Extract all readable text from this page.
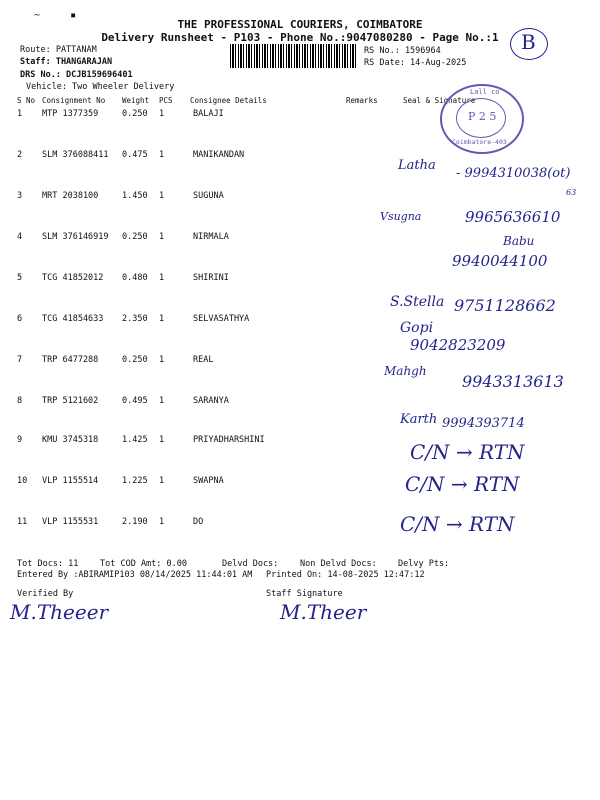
~     ▪
THE PROFESSIONAL COURIERS, COIMBATORE
Delivery Runsheet - P103 - Phone No.:9047080280 - Page No.:1	B
Route: PATTANAM
Staff: THANGARAJAN
DRS No.: DCJB159696401
Vehicle: Two Wheeler Delivery
RS No.: 1596964
RS Date: 14-Aug-2025
S No Consignment No Weight PCS Consignee Details	Remarks	Seal & Signature
1 MTP 1377359	0.250 1	BALAJI
2 SLM 376088411 0.475 1	MANIKANDAN
3 MRT 2038100	1.450 1	SUGUNA
4 SLM 376146919 0.250 1	NIRMALA
5 TCG 41852012 0.480 1	SHIRINI
6 TCG 41854633 2.350 1	SELVASATHYA
7 TRP 6477288	0.250 1	REAL
8 TRP 5121602	0.495 1	SARANYA
9 KMU 3745318	1.425 1	PRIYADHARSHINI
10 VLP 1155514	1.225 1	SWAPNA
11 VLP 1155531	2.190 1	DO
Lall co
P 2 5
Coimbatore-403
Latha
- 9994310038(ot)
63
Vsugna	9965636610
Babu
9940044100
S.Stella 9751128662
Gopi
9042823209
Mahgh
9943313613
Karth 9994393714
C/N → RTN
C/N → RTN
C/N → RTN
Tot Docs: 11	Tot COD Amt: 0.00	Delvd Docs:	Non Delvd Docs: Delvy Pts:
Entered By :ABIRAMIP103 08/14/2025 11:44:01 AM Printed On: 14-08-2025 12:47:12
Verified By	Staff Signature
M.Theeer	M.Theer
